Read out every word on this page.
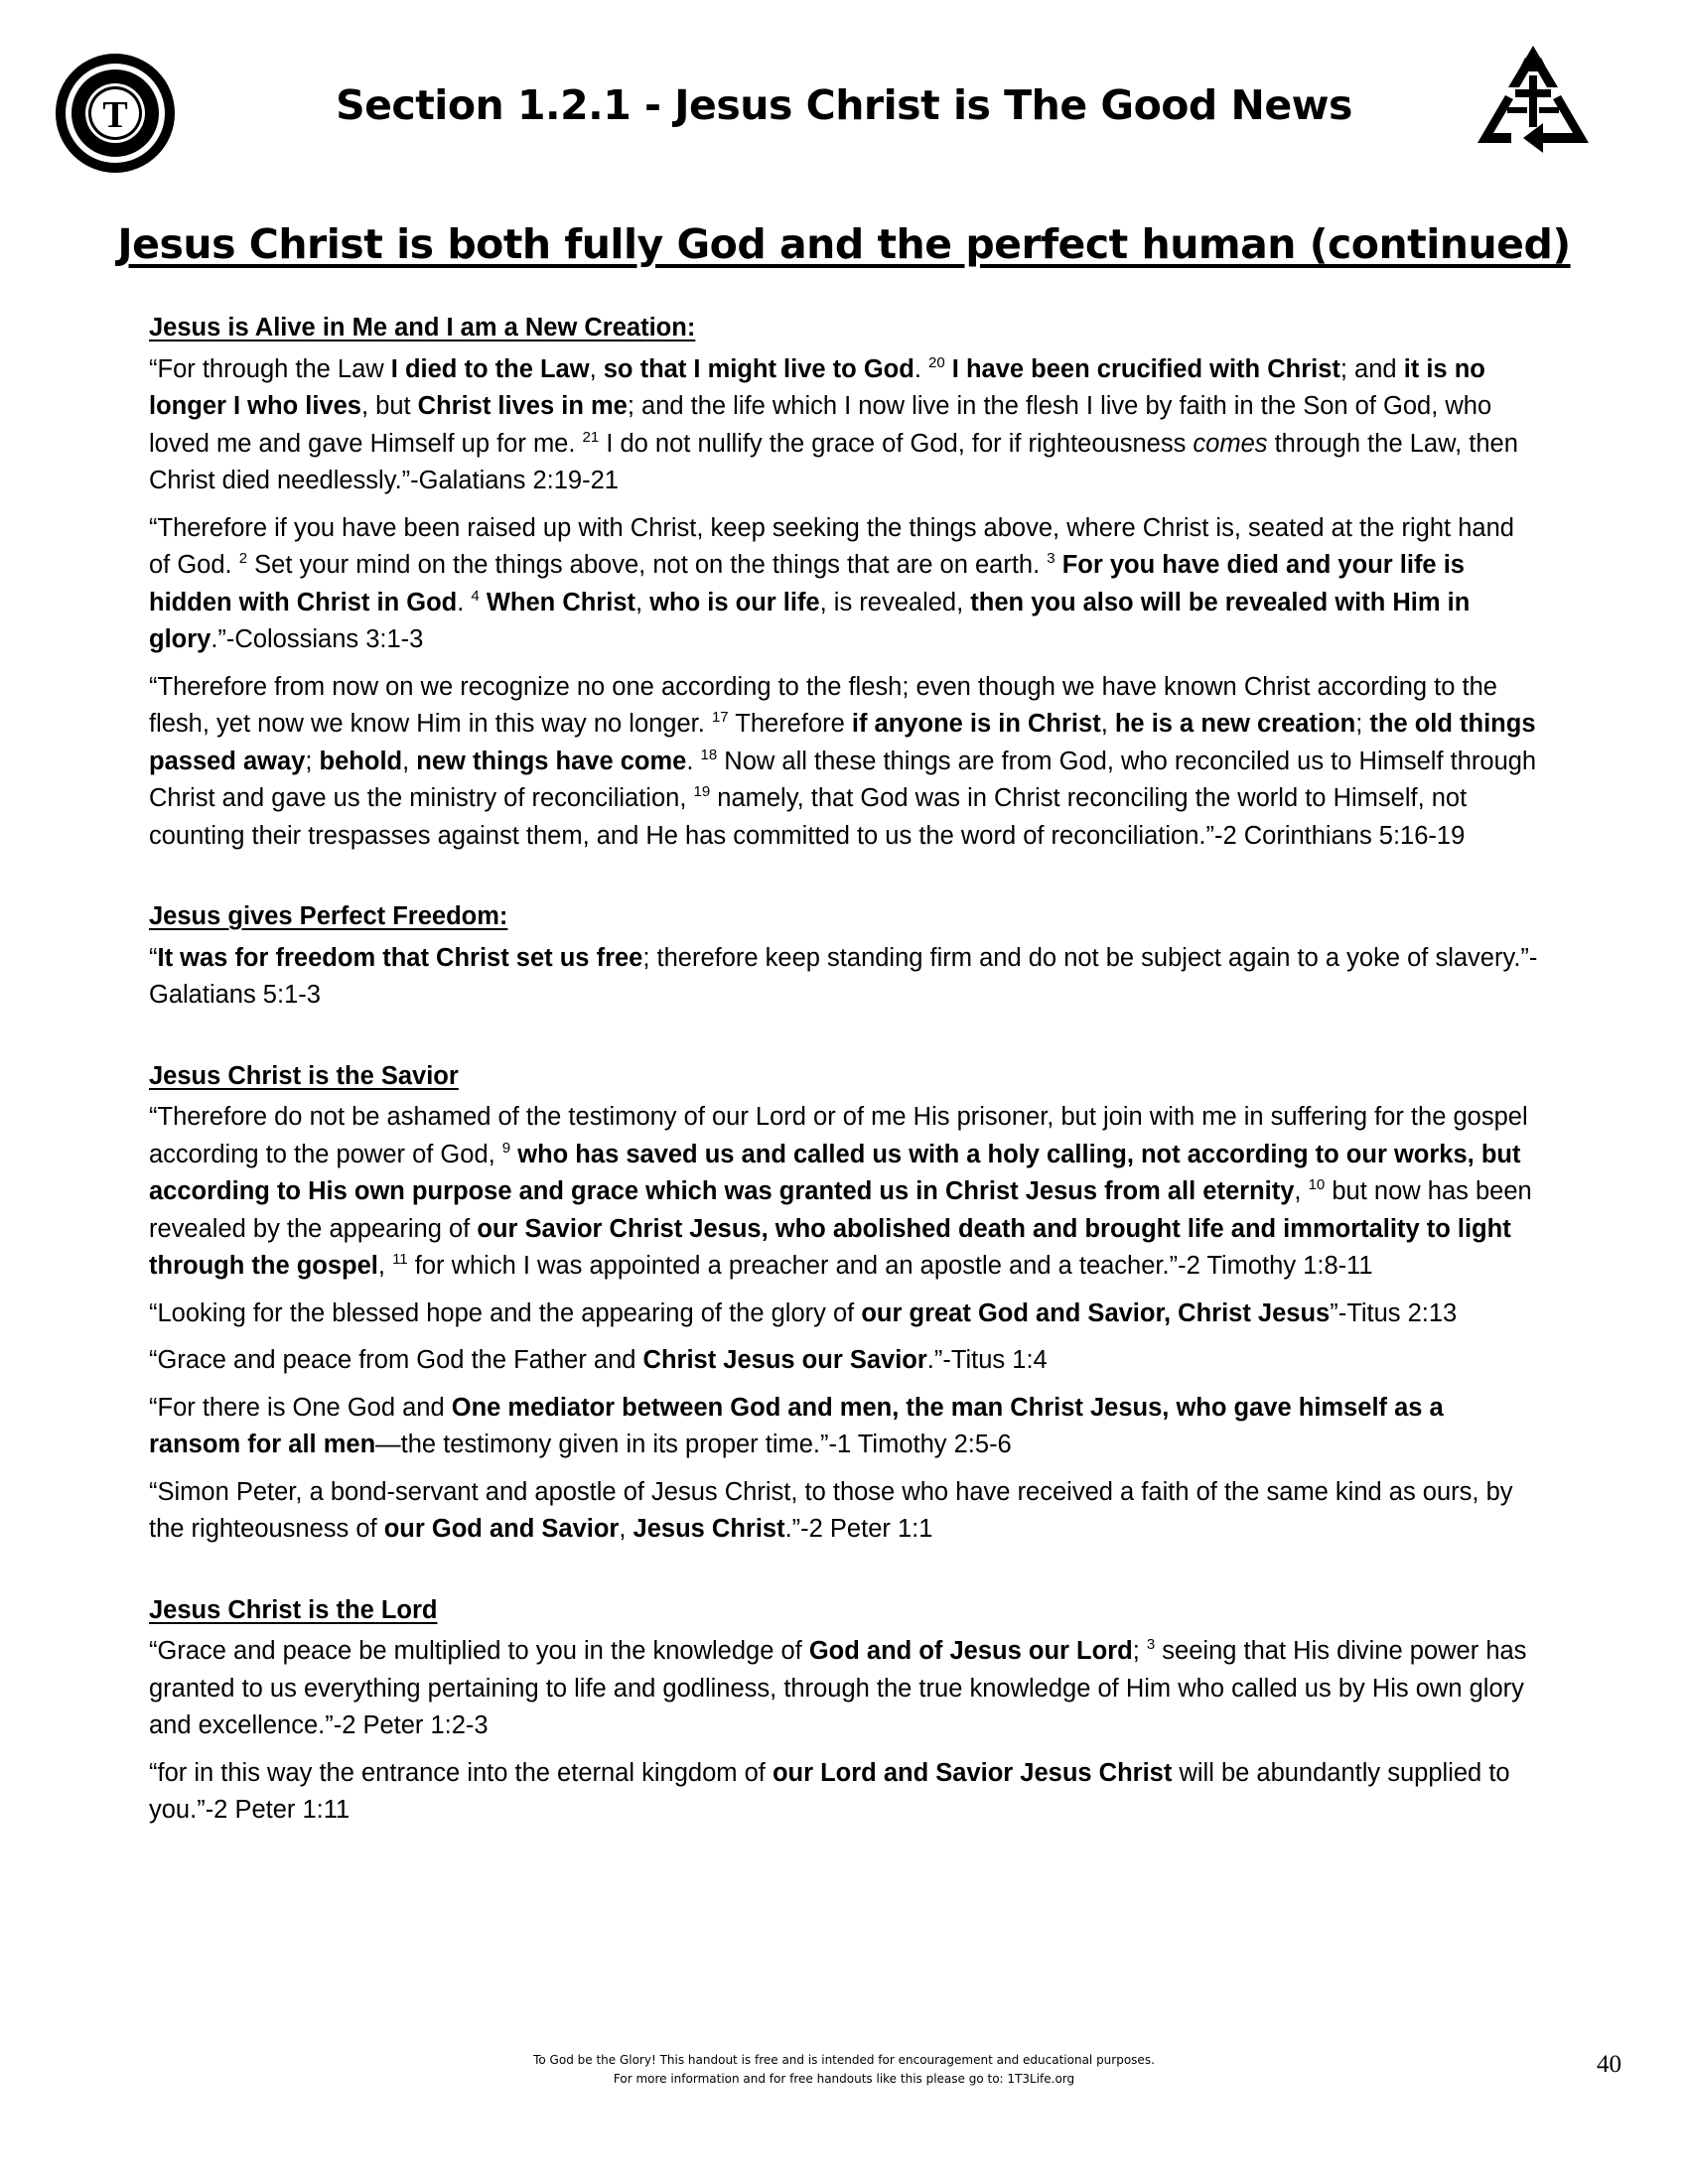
T	Section 1.2.1 - Jesus Christ is The Good News
Jesus Christ is both fully God and the perfect human (continued)
Jesus is Alive in Me and I am a New Creation:

“For through the Law I died to the Law, so that I might live to God. $^{20}$ I have been crucified with Christ; and it is no longer I who lives, but Christ lives in me; and the life which I now live in the flesh I live by faith in the Son of God, who loved me and gave Himself up for me. $^{21}$ I do not nullify the grace of God, for if righteousness comes through the Law, then Christ died needlessly.”-Galatians 2:19-21

“Therefore if you have been raised up with Christ, keep seeking the things above, where Christ is, seated at the right hand of God. $^2$ Set your mind on the things above, not on the things that are on earth. $^3$ For you have died and your life is hidden with Christ in God. $^4$ When Christ, who is our life, is revealed, then you also will be revealed with Him in glory.”-Colossians 3:1-3

“Therefore from now on we recognize no one according to the flesh; even though we have known Christ according to the flesh, yet now we know Him in this way no longer. $^{17}$ Therefore if anyone is in Christ, he is a new creation; the old things passed away; behold, new things have come. $^{18}$ Now all these things are from God, who reconciled us to Himself through Christ and gave us the ministry of reconciliation, $^{19}$ namely, that God was in Christ reconciling the world to Himself, not counting their trespasses against them, and He has committed to us the word of reconciliation.”-2 Corinthians 5:16-19

Jesus gives Perfect Freedom:

“It was for freedom that Christ set us free; therefore keep standing firm and do not be subject again to a yoke of slavery.”-Galatians 5:1-3

Jesus Christ is the Savior

“Therefore do not be ashamed of the testimony of our Lord or of me His prisoner, but join with me in suffering for the gospel according to the power of God, $^9$ who has saved us and called us with a holy calling, not according to our works, but according to His own purpose and grace which was granted us in Christ Jesus from all eternity, $^{10}$ but now has been revealed by the appearing of our Savior Christ Jesus, who abolished death and brought life and immortality to light through the gospel, $^{11}$ for which I was appointed a preacher and an apostle and a teacher.”-2 Timothy 1:8-11

“Looking for the blessed hope and the appearing of the glory of our great God and Savior, Christ Jesus”-Titus 2:13

“Grace and peace from God the Father and Christ Jesus our Savior.”-Titus 1:4

“For there is One God and One mediator between God and men, the man Christ Jesus, who gave himself as a ransom for all men—the testimony given in its proper time.”-1 Timothy 2:5-6

“Simon Peter, a bond-servant and apostle of Jesus Christ, to those who have received a faith of the same kind as ours, by the righteousness of our God and Savior, Jesus Christ.”-2 Peter 1:1

Jesus Christ is the Lord

“Grace and peace be multiplied to you in the knowledge of God and of Jesus our Lord; $^3$ seeing that His divine power has granted to us everything pertaining to life and godliness, through the true knowledge of Him who called us by His own glory and excellence.”-2 Peter 1:2-3

“for in this way the entrance into the eternal kingdom of our Lord and Savior Jesus Christ will be abundantly supplied to you.”-2 Peter 1:11

To God be the Glory! This handout is free and is intended for encouragement and educational purposes.
For more information and for free handouts like this please go to: 1T3Life.org
40
